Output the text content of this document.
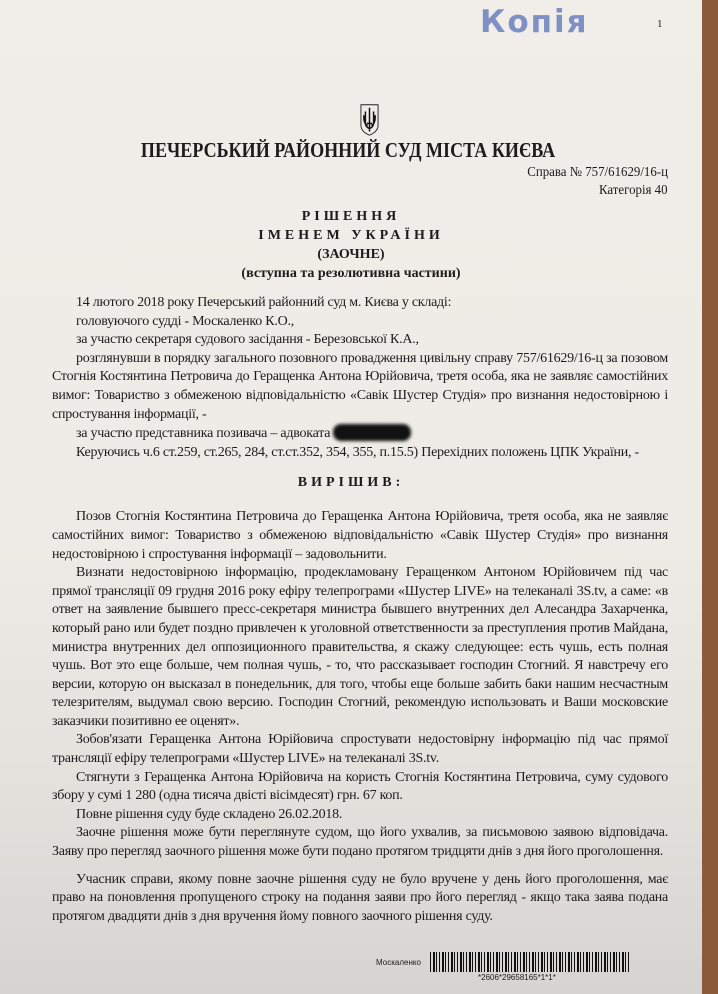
Копія	1
ПЕЧЕРСЬКИЙ РАЙОННИЙ СУД МІСТА КИЄВА
Справа № 757/61629/16-ц
Категорія 40
РІШЕННЯ
ІМЕНЕМ УКРАЇНИ
(ЗАОЧНЕ)
(вступна та резолютивна частини)

14 лютого 2018 року Печерський районний суд м. Києва у складі:

головуючого судді - Москаленко К.О.,

за участю секретаря судового засідання - Березовської К.А.,

розглянувши в порядку загального позовного провадження цивільну справу 757/61629/16-ц за позовом Стогнія Костянтина Петровича до Геращенка Антона Юрійовича, третя особа, яка не заявляє самостійних вимог: Товариство з обмеженою відповідальністю «Савік Шустер Студія» про визнання недостовірною і спростування інформації, -

за участю представника позивача – адвоката

Керуючись ч.6 ст.259, ст.265, 284, ст.ст.352, 354, 355, п.15.5) Перехідних положень ЦПК України, -

ВИРІШИВ:

Позов Стогнія Костянтина Петровича до Геращенка Антона Юрійовича, третя особа, яка не заявляє самостійних вимог: Товариство з обмеженою відповідальністю «Савік Шустер Студія» про визнання недостовірною і спростування інформації – задовольнити.

Визнати недостовірною інформацію, продекламовану Геращенком Антоном Юрійовичем під час прямої трансляції 09 грудня 2016 року ефіру телепрограми «Шустер LIVE» на телеканалі 3S.tv, а саме: «в ответ на заявление бывшего пресс-секретаря министра бывшего внутренних дел Алесандра Захарченка, который рано или будет поздно привлечен к уголовной ответственности за преступления против Майдана, министра внутренних дел оппозиционного правительства, я скажу следующее: есть чушь, есть полная чушь. Вот это еще больше, чем полная чушь, - то, что рассказывает господин Стогний. Я навстречу его версии, которую он высказал в понедельник, для того, чтобы еще больше забить баки нашим несчастным телезрителям, выдумал свою версию. Господин Стогний, рекомендую использовать и Ваши московские заказчики позитивно ее оценят».

Зобов'язати Геращенка Антона Юрійовича спростувати недостовірну інформацію під час прямої трансляції ефіру телепрограми «Шустер LIVE» на телеканалі 3S.tv.

Стягнути з Геращенка Антона Юрійовича на користь Стогнія Костянтина Петровича, суму судового збору у сумі 1 280 (одна тисяча двісті вісімдесят) грн. 67 коп.

Повне рішення суду буде складено 26.02.2018.

Заочне рішення може бути переглянуте судом, що його ухвалив, за письмовою заявою відповідача. Заяву про перегляд заочного рішення може бути подано протягом тридцяти днів з дня його проголошення.

Учасник справи, якому повне заочне рішення суду не було вручене у день його проголошення, має право на поновлення пропущеного строку на подання заяви про його перегляд - якщо така заява подана протягом двадцяти днів з дня вручення йому повного заочного рішення суду.

Москаленко
*2606*29658165*1*1*
